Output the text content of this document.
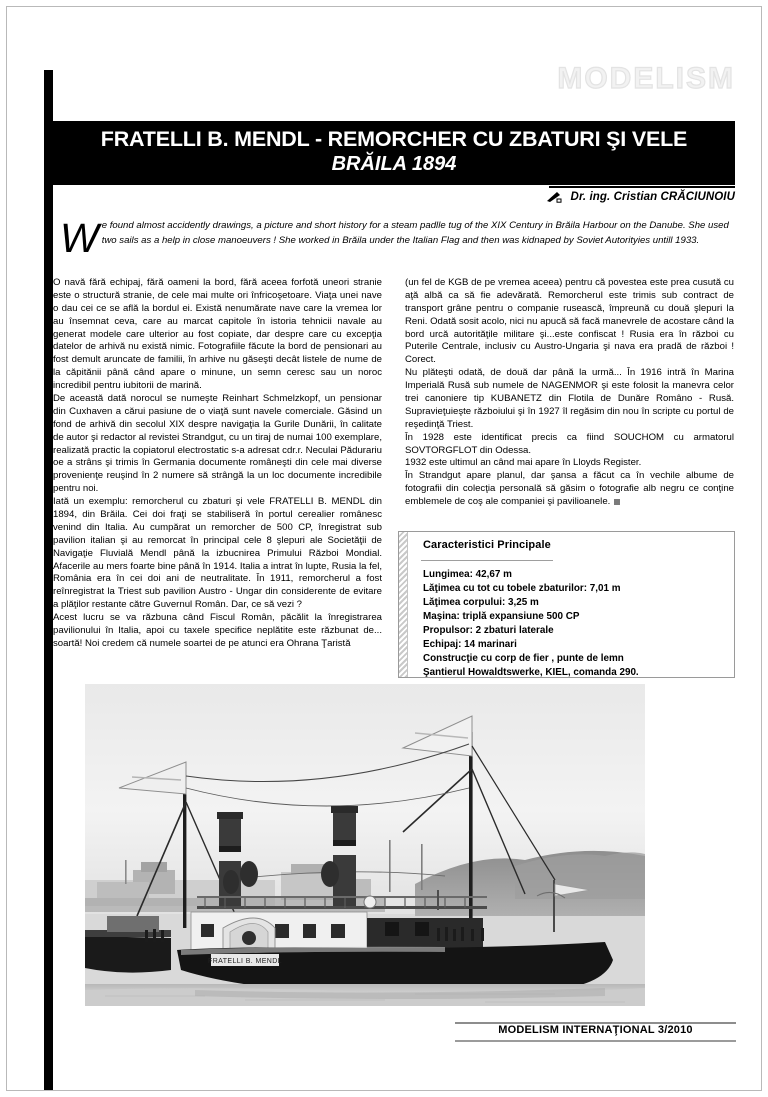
MODELISM
FRATELLI B. MENDL - REMORCHER CU ZBATURI ŞI VELE
BRĂILA 1894
Dr. ing. Cristian CRĂCIUNOIU
We found almost accidently drawings, a picture and short history for a steam padlle tug of the XIX Century in Brăila Harbour on the Danube. She used two sails as a help in close manoeuvers ! She worked in Brăila under the Italian Flag and then was kidnaped by Soviet Autorityies untill 1933.

O navă fără echipaj, fără oameni la bord, fără aceea forfotă uneori stranie este o structură stranie, de cele mai multe ori înfricoşetoare. Viaţa unei nave o dau cei ce se află la bordul ei. Există nenumărate nave care la vremea lor au însemnat ceva, care au marcat capitole în istoria tehnicii navale au generat modele care ulterior au fost copiate, dar despre care cu excepţia datelor de arhivă nu există nimic. Fotografiile făcute la bord de pensionari au fost demult aruncate de familii, în arhive nu găseşti decât listele de nume de la căpitănii până când apare o minune, un semn ceresc sau un noroc incredibil pentru iubitorii de marină.

De această dată norocul se numeşte Reinhart Schmelzkopf, un pensionar din Cuxhaven a cărui pasiune de o viaţă sunt navele comerciale. Găsind un fond de arhivă din secolul XIX despre navigaţia la Gurile Dunării, în calitate de autor şi redactor al revistei Strandgut, cu un tiraj de numai 100 exemplare, realizată practic la copiatorul electrostatic s-a adresat cdr.r. Neculai Pădurariu oe a strâns şi trimis în Germania documente româneşti din cele mai diverse provenienţe reuşind în 2 numere să strângă la un loc documente incredibile pentru noi.

Iată un exemplu: remorcherul cu zbaturi şi vele FRATELLI B. MENDL din 1894, din Brăila. Cei doi fraţi se stabiliseră în portul cerealier românesc venind din Italia. Au cumpărat un remorcher de 500 CP, înregistrat sub pavilion italian şi au remorcat în principal cele 8 şlepuri ale Societăţii de Navigaţie Fluvială Mendl până la izbucnirea Primului Război Mondial. Afacerile au mers foarte bine până în 1914. Italia a intrat în lupte, Rusia la fel, România era în cei doi ani de neutralitate. În 1911, remorcherul a fost reînregistrat la Triest sub pavilion Austro - Ungar din considerente de evitare a plăţilor restante către Guvernul Român. Dar, ce să vezi ?

Acest lucru se va răzbuna când Fiscul Român, păcălit la înregistrarea pavilionului în Italia, apoi cu taxele specifice neplătite este răzbunat de... soartă! Noi credem că numele soartei de pe atunci era Ohrana Ţaristă

(un fel de KGB de pe vremea aceea) pentru că povestea este prea cusută cu aţă albă ca să fie adevărată. Remorcherul este trimis sub contract de transport grâne pentru o companie rusească, împreună cu două şlepuri la Reni. Odată sosit acolo, nici nu apucă să facă manevrele de acostare când la bord urcă autorităţile militare şi...este confiscat ! Rusia era în război cu Puterile Centrale, inclusiv cu Austro-Ungaria şi nava era pradă de război ! Corect.

Nu plăteşti odată, de două dar până la urmă... În 1916 intră în Marina Imperială Rusă sub numele de NAGENMOR şi este folosit la manevra celor trei canoniere tip KUBANETZ din Flotila de Dunăre Româno - Rusă. Supravieţuieşte războiului şi în 1927 îl regăsim din nou în scripte cu portul de reşedinţă Triest.

În 1928 este identificat precis ca fiind SOUCHOM cu armatorul SOVTORGFLOT din Odessa.

1932 este ultimul an când mai apare în Lloyds Register.

În Strandgut apare planul, dar şansa a făcut ca în vechile albume de fotografii din colecţia personală să găsim o fotografie alb negru ce conţine emblemele de coş ale companiei şi pavilioanele.

Caracteristici Principale
Lungimea: 42,67 m
Lăţimea cu tot cu tobele zbaturilor: 7,01 m
Lăţimea corpului: 3,25 m
Maşina: triplă expansiune 500 CP
Propulsor: 2 zbaturi laterale
Echipaj: 14 marinari
Construcţie cu corp de fier , punte de lemn
Şantierul Howaldtswerke, KIEL, comanda 290.
FRATELLI B. MENDL
MODELISM INTERNAŢIONAL 3/2010
